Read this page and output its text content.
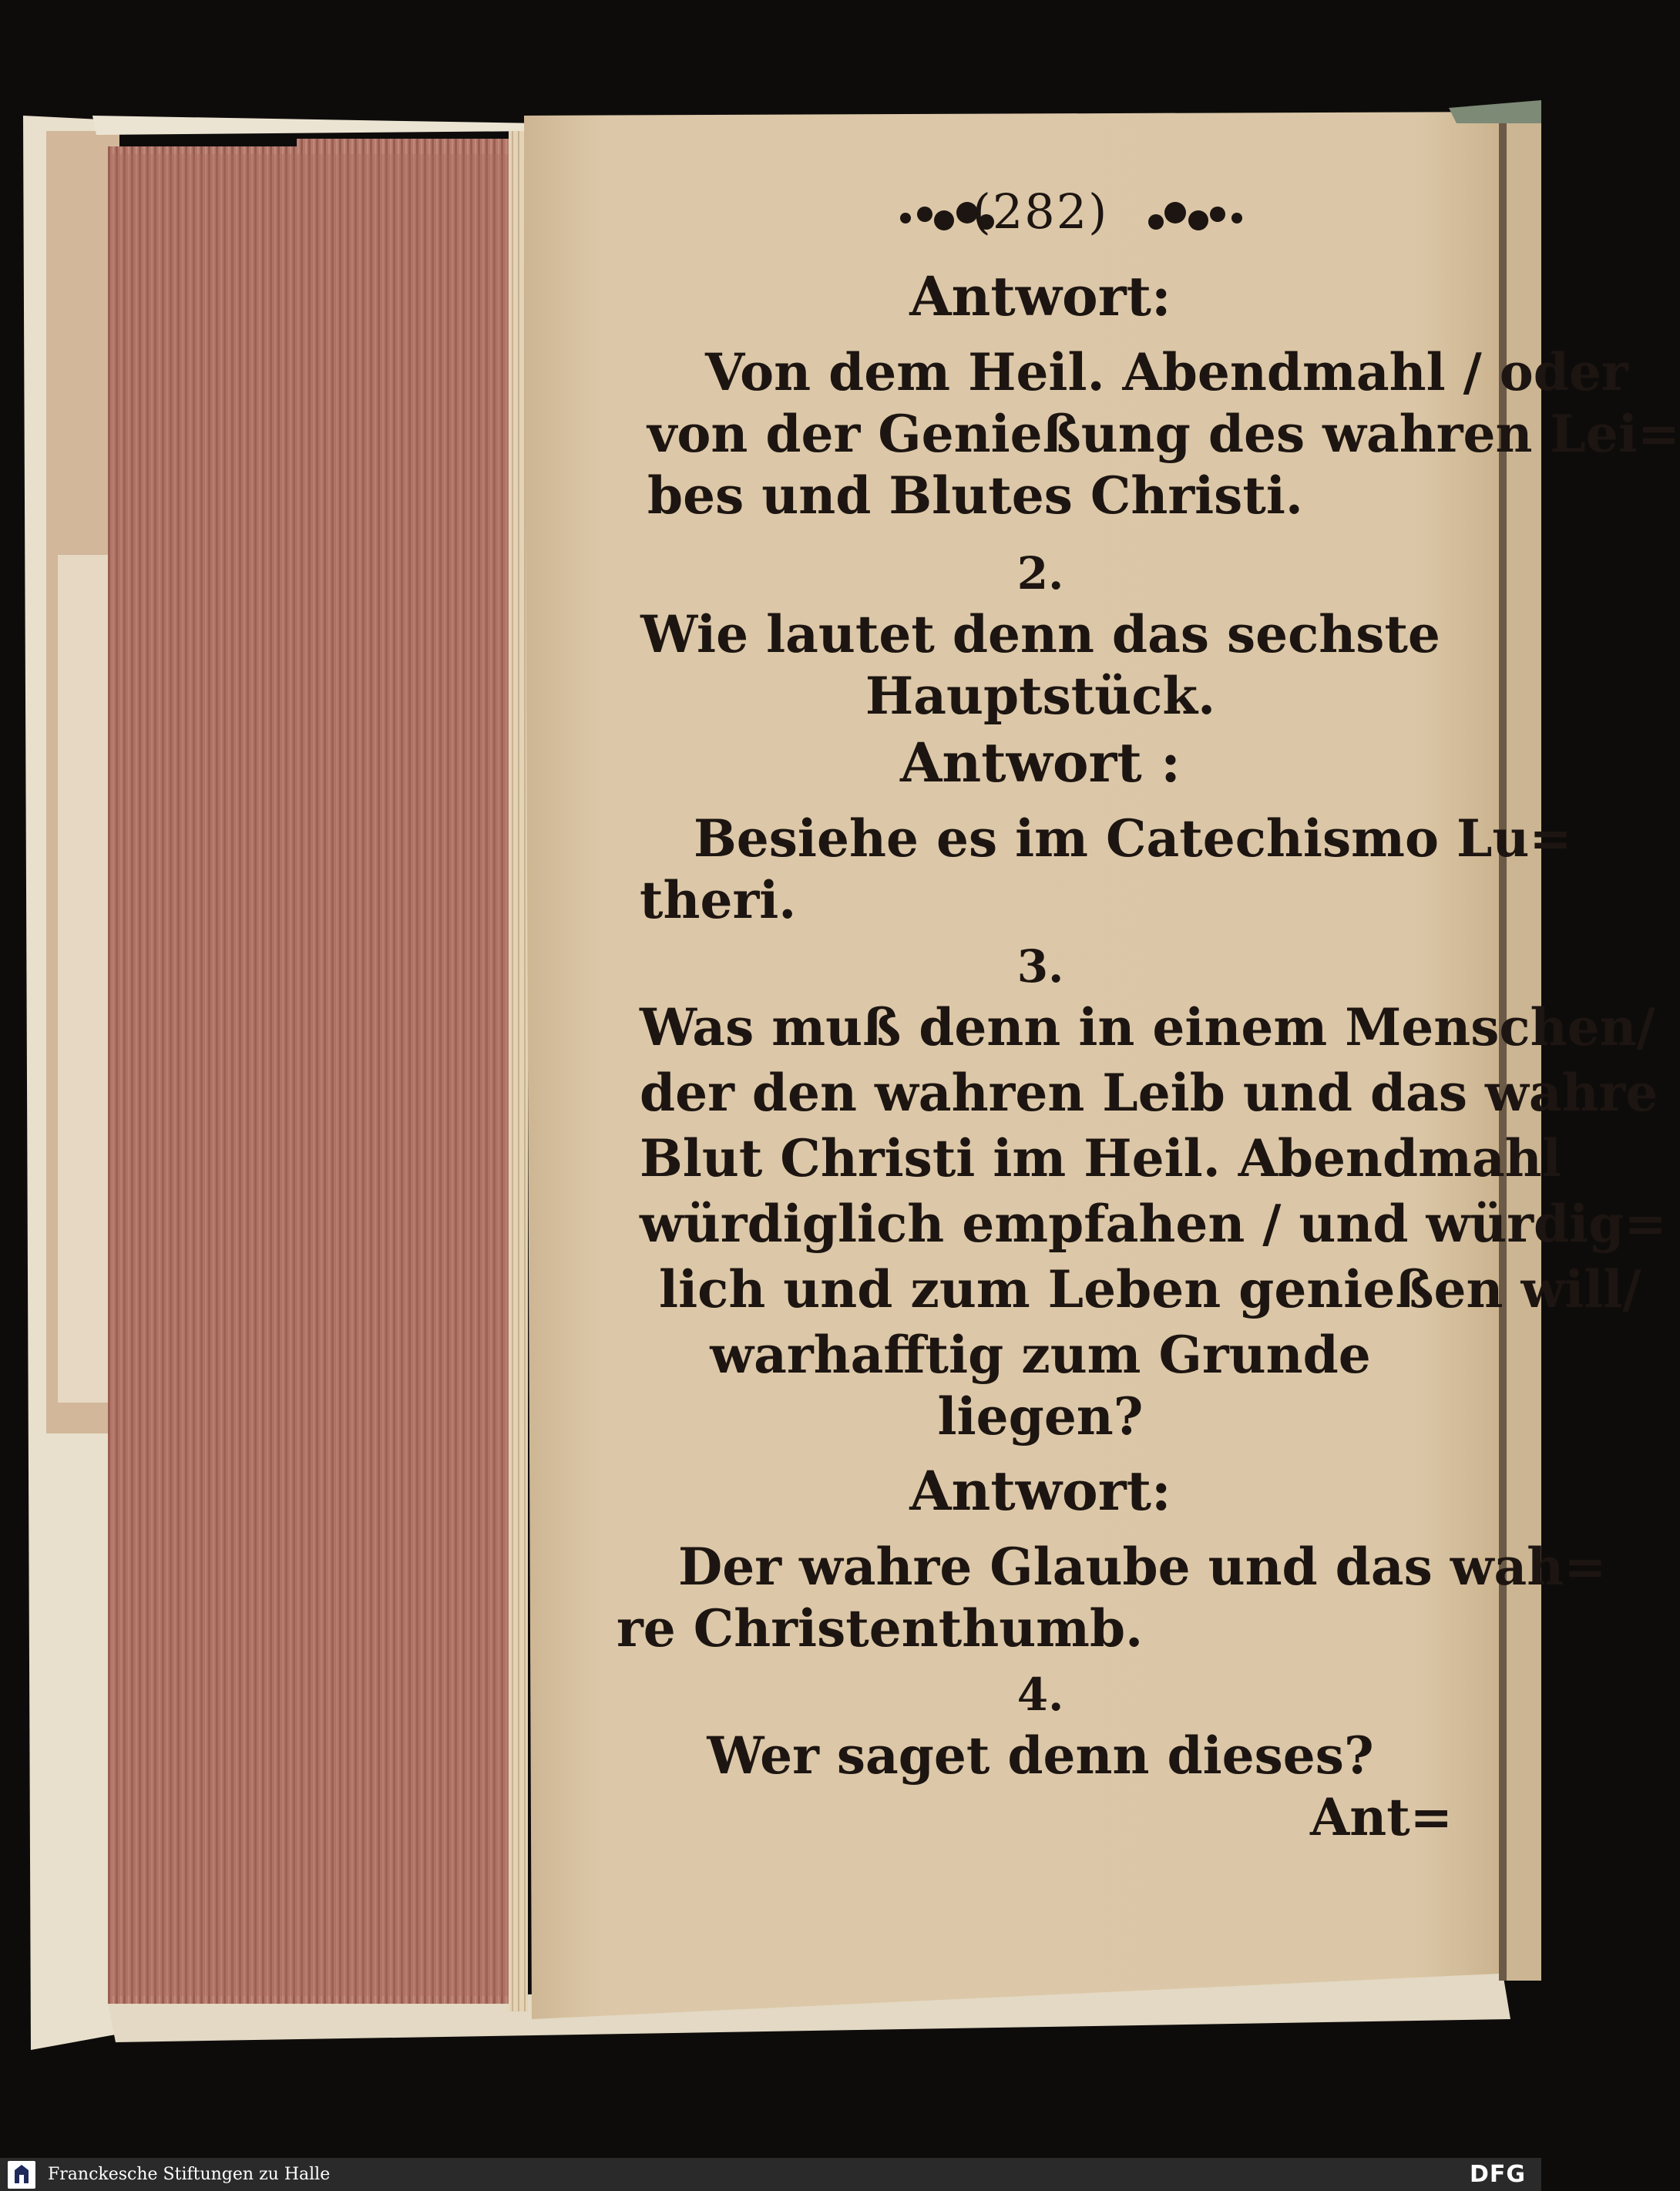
(282)
Antwort:
Von dem Heil. Abendmahl / oder
von der Genießung des wahren Lei=
bes und Blutes Christi.
2.
Wie lautet denn das sechste
Hauptstück.
Antwort :
Besiehe es im Catechismo Lu=
theri.
3.
Was muß denn in einem Menschen/
der den wahren Leib und das wahre
Blut Christi im Heil. Abendmahl
würdiglich empfahen / und würdig=
lich und zum Leben genießen will/
warhafftig zum Grunde
liegen?
Antwort:
Der wahre Glaube und das wah=
re Christenthumb.
4.
Wer saget denn dieses?
Ant=
Franckesche Stiftungen zu Halle	DFG
